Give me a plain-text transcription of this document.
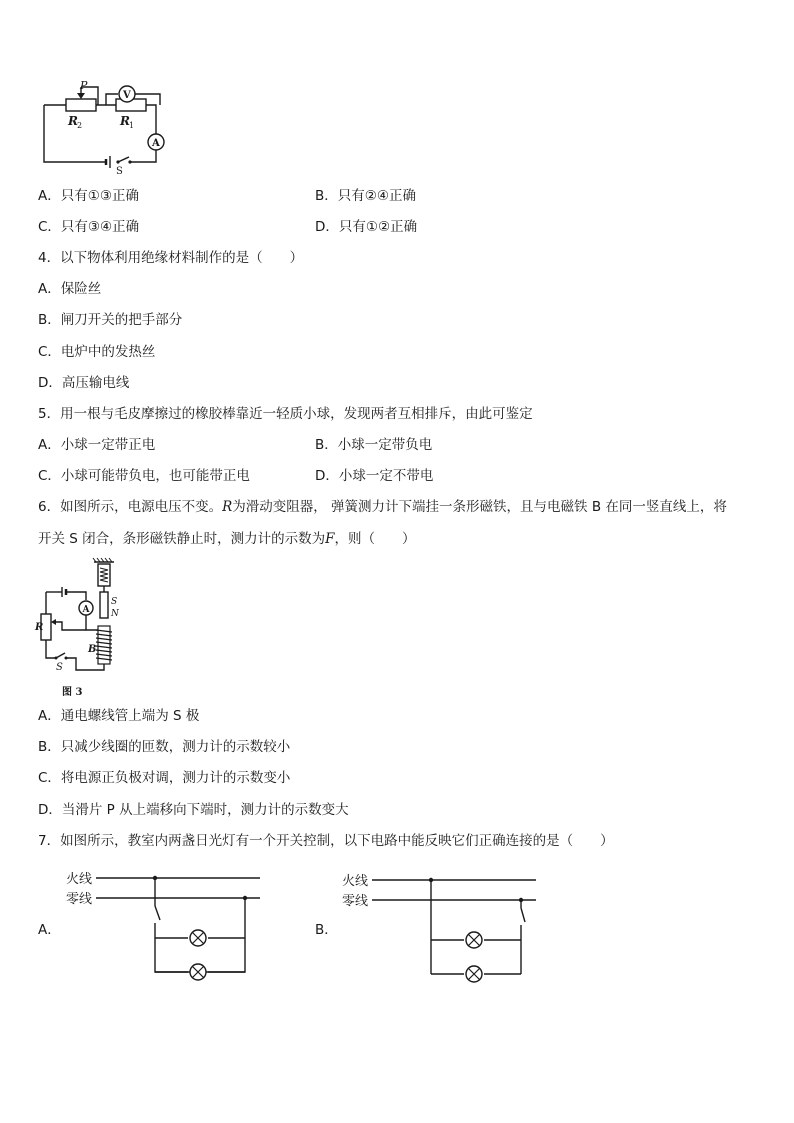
P
R 2	R 1
V
A
S
A．只有①③正确	B．只有②④正确
C．只有③④正确	D．只有①②正确
4．以下物体利用绝缘材料制作的是（　　）
A．保险丝
B．闸刀开关的把手部分
C．电炉中的发热丝
D．高压输电线
5．用一根与毛皮摩擦过的橡胶棒靠近一轻质小球，发现两者互相排斥，由此可鉴定
A．小球一定带正电	B．小球一定带负电
C．小球可能带负电，也可能带正电	D．小球一定不带电
6．如图所示，电源电压不变。R为滑动变阻器， 弹簧测力计下端挂一条形磁铁，且与电磁铁 B 在同一竖直线上，将
开关 S 闭合，条形磁铁静止时，测力计的示数为F，则（　　）
S
N
A
R
B
S
图 3
A．通电螺线管上端为 S 极
B．只减少线圈的匝数，测力计的示数较小
C．将电源正负极对调，测力计的示数变小
D．当滑片 P 从上端移向下端时，测力计的示数变大
7．如图所示，教室内两盏日光灯有一个开关控制，以下电路中能反映它们正确连接的是（　　）
A．
火线
零线
B．
火线
零线
